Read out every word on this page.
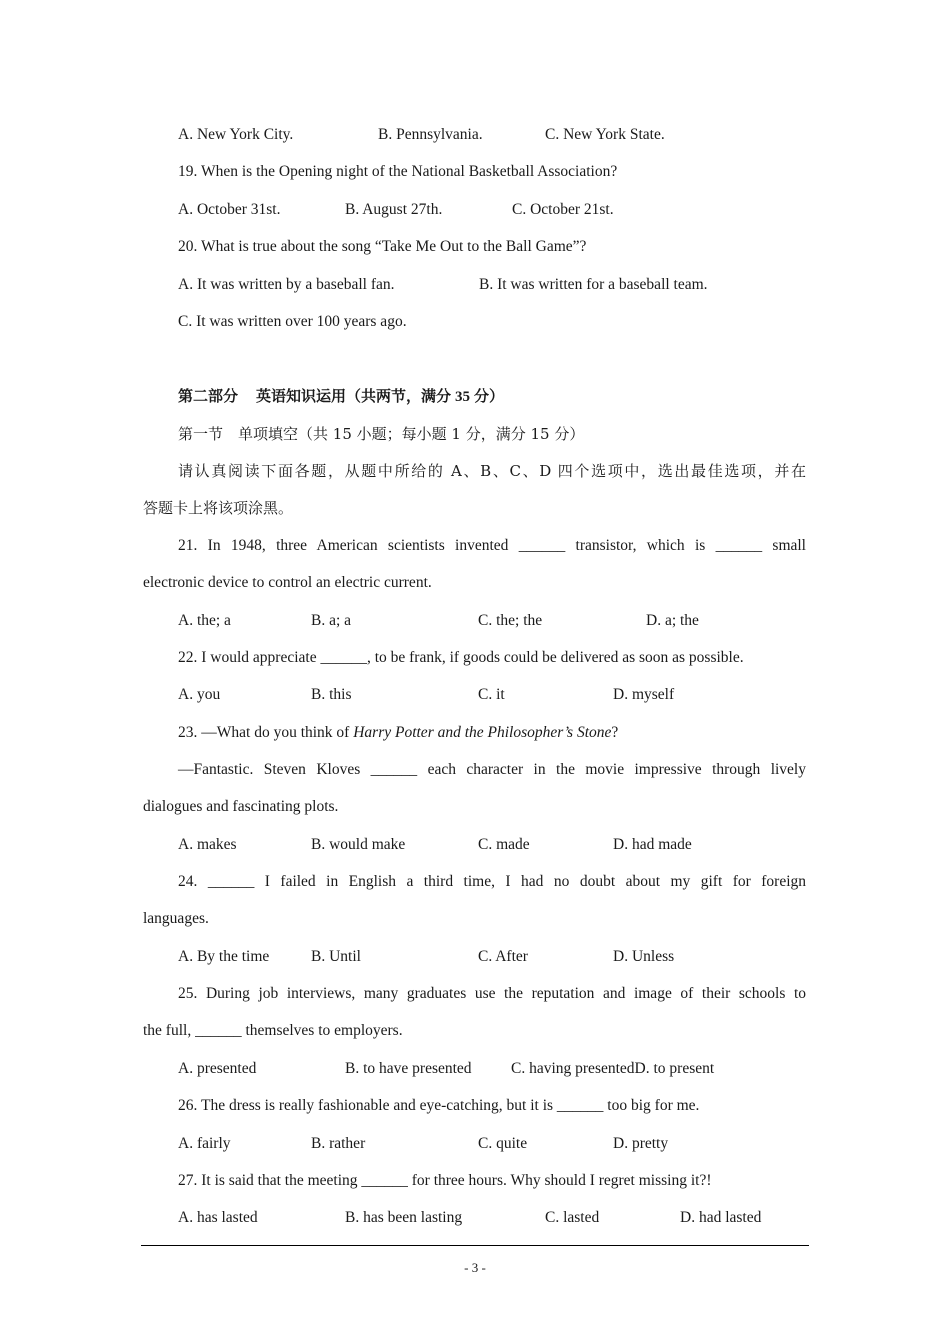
A. New York City.	B. Pennsylvania.	C. New York State.
19. When is the Opening night of the National Basketball Association?
A. October 31st.	B. August 27th.	C. October 21st.
20. What is true about the song “Take Me Out to the Ball Game”?
A. It was written by a baseball fan.	B. It was written for a baseball team.
C. It was written over 100 years ago.
第二部分 英语知识运用（共两节，满分 35 分）
第一节　单项填空（共 15 小题；每小题 1 分，满分 15 分）
请认真阅读下面各题，从题中所给的 A、B、C、D 四个选项中，选出最佳选项，并在
答题卡上将该项涂黑。
21. In 1948, three American scientists invented ______ transistor, which is ______ small
electronic device to control an electric current.
A. the; a	B. a; a	C. the; the	D. a; the
22. I would appreciate ______, to be frank, if goods could be delivered as soon as possible.
A. you	B. this	C. it	D. myself
23. —What do you think of Harry Potter and the Philosopher’s Stone?
—Fantastic. Steven Kloves ______ each character in the movie impressive through lively
dialogues and fascinating plots.
A. makes	B. would make	C. made	D. had made
24. ______ I failed in English a third time, I had no doubt about my gift for foreign
languages.
A. By the time	B. Until	C. After	D. Unless
25. During job interviews, many graduates use the reputation and image of their schools to
the full, ______ themselves to employers.
A. presented	B. to have presented	C. having presentedD. to present
26. The dress is really fashionable and eye-catching, but it is ______ too big for me.
A. fairly	B. rather	C. quite	D. pretty
27. It is said that the meeting ______ for three hours. Why should I regret missing it?!
A. has lasted	B. has been lasting	C. lasted	D. had lasted
- 3 -
